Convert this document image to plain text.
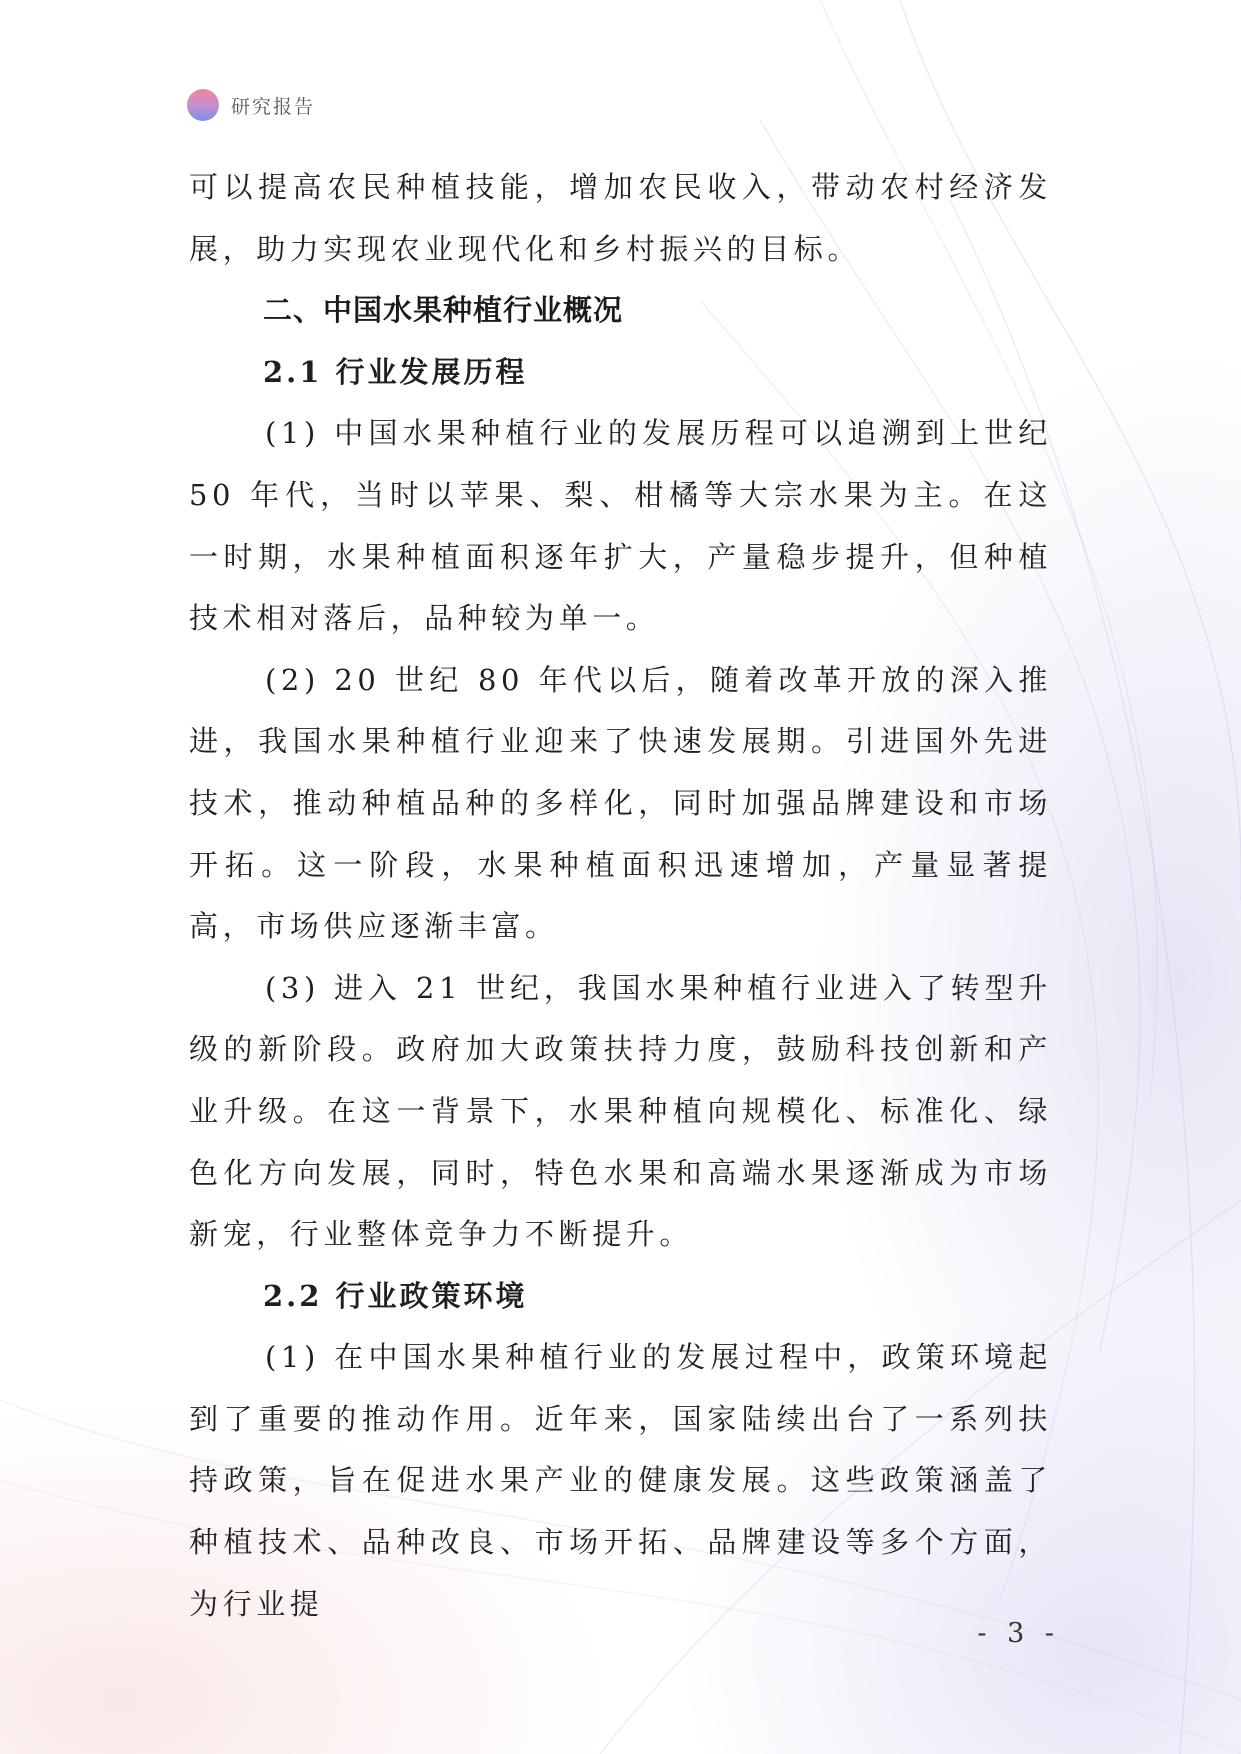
研究报告

可以提高农民种植技能，增加农民收入，带动农村经济发展，助力实现农业现代化和乡村振兴的目标。

二、中国水果种植行业概况
2.1 行业发展历程

(1) 中国水果种植行业的发展历程可以追溯到上世纪 50 年代，当时以苹果、梨、柑橘等大宗水果为主。在这一时期，水果种植面积逐年扩大，产量稳步提升，但种植技术相对落后，品种较为单一。

(2) 20 世纪 80 年代以后，随着改革开放的深入推进，我国水果种植行业迎来了快速发展期。引进国外先进技术，推动种植品种的多样化，同时加强品牌建设和市场开拓。这一阶段，水果种植面积迅速增加，产量显著提高，市场供应逐渐丰富。

(3) 进入 21 世纪，我国水果种植行业进入了转型升级的新阶段。政府加大政策扶持力度，鼓励科技创新和产业升级。在这一背景下，水果种植向规模化、标准化、绿色化方向发展，同时，特色水果和高端水果逐渐成为市场新宠，行业整体竞争力不断提升。

2.2 行业政策环境

(1) 在中国水果种植行业的发展过程中，政策环境起到了重要的推动作用。近年来，国家陆续出台了一系列扶持政策，旨在促进水果产业的健康发展。这些政策涵盖了种植技术、品种改良、市场开拓、品牌建设等多个方面，为行业提

- 3 -
